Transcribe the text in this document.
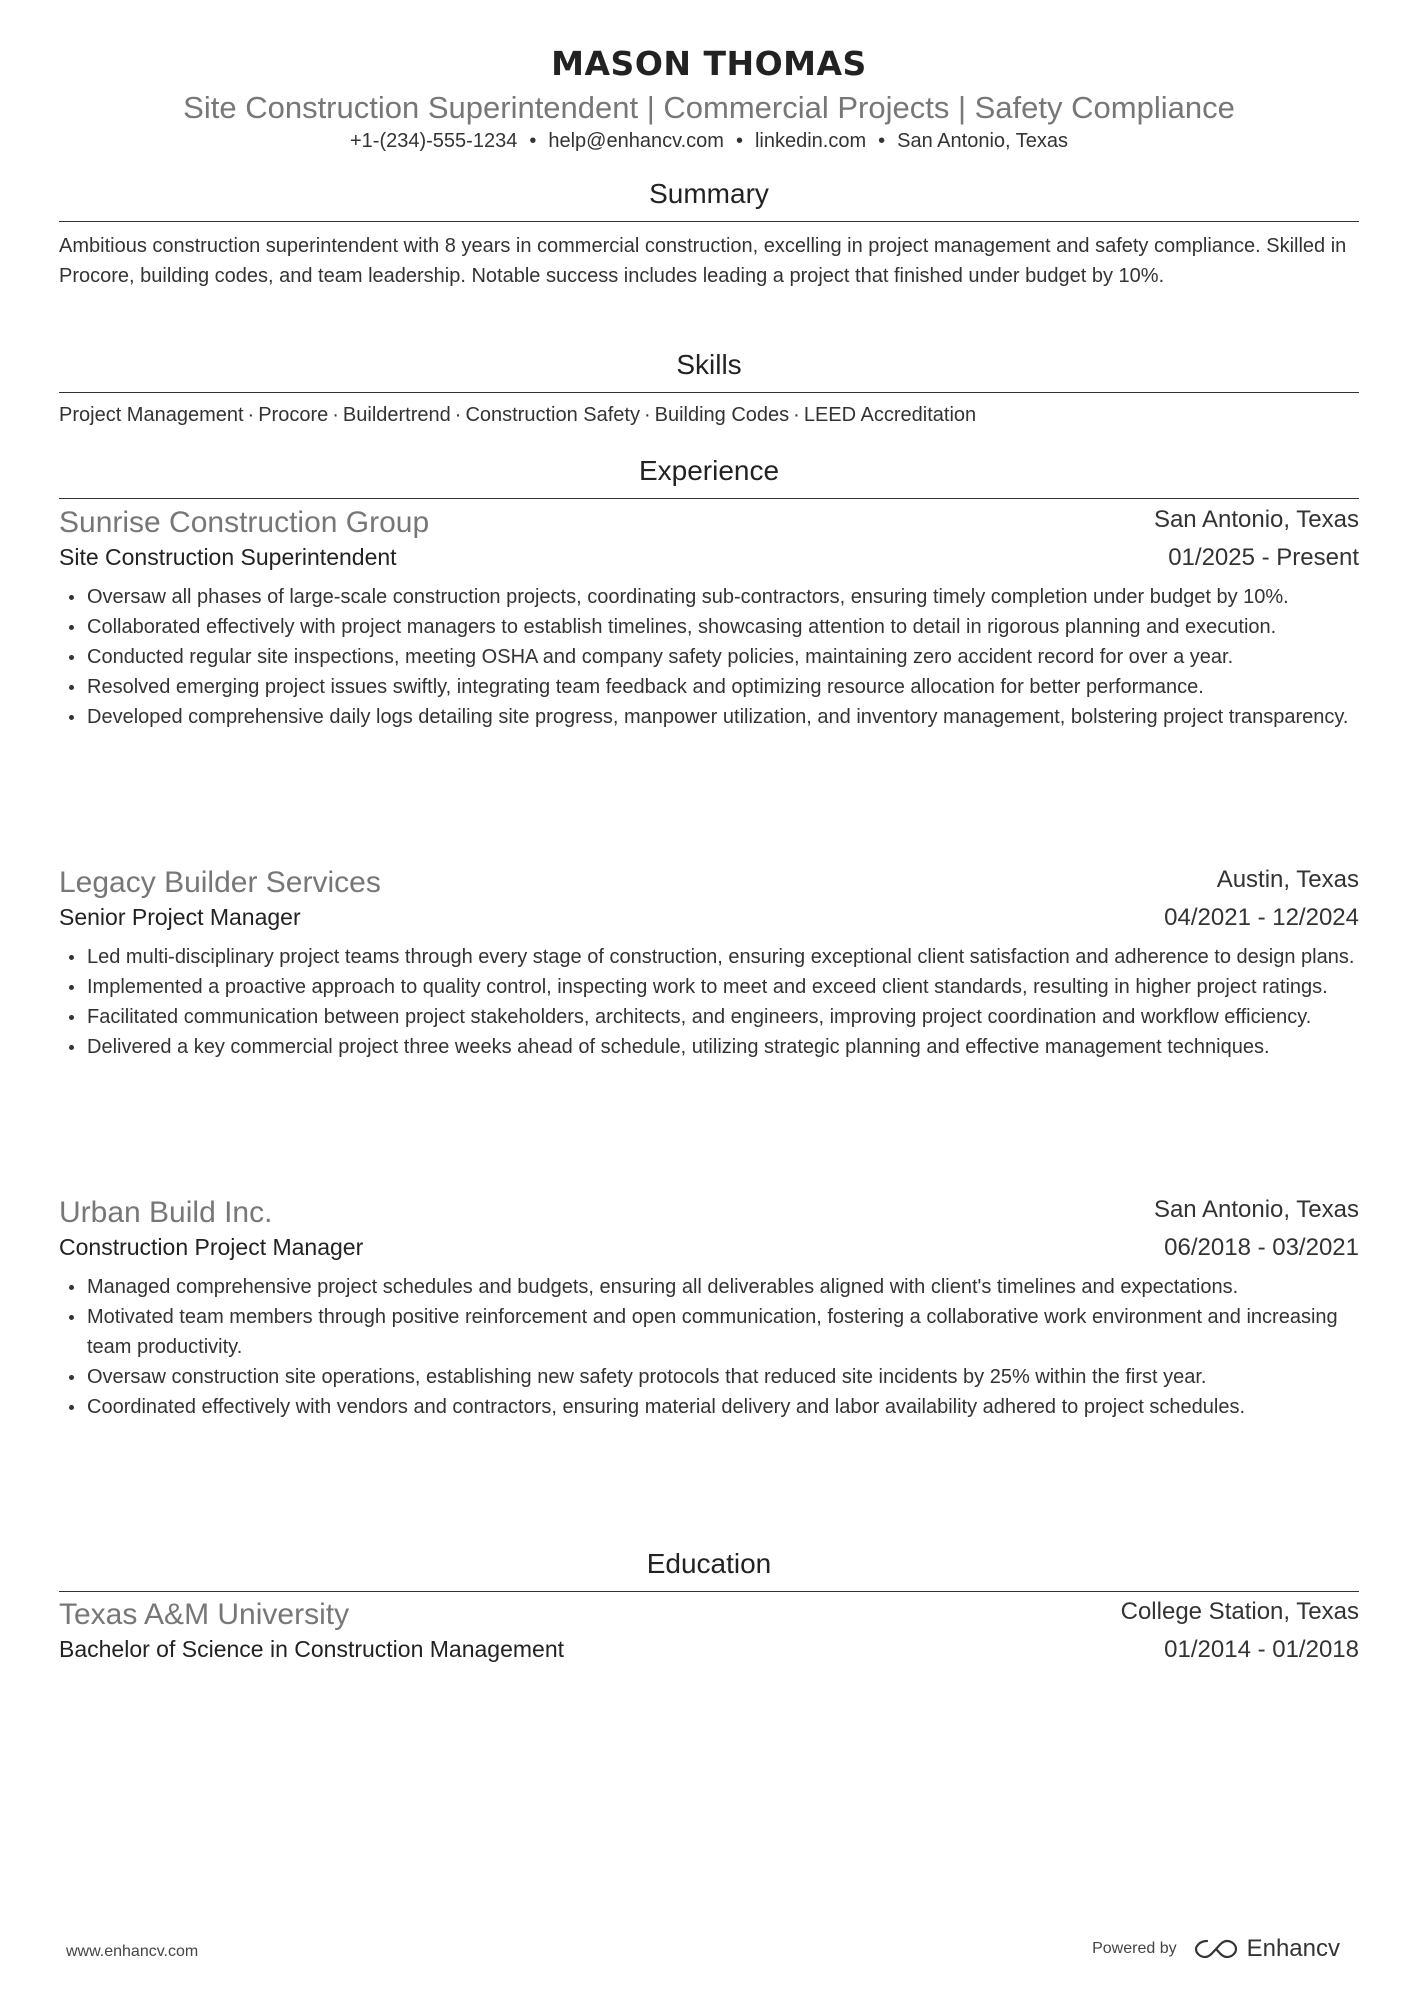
MASON THOMAS
Site Construction Superintendent | Commercial Projects | Safety Compliance
+1-(234)-555-1234 • help@enhancv.com • linkedin.com • San Antonio, Texas
Summary
Ambitious construction superintendent with 8 years in commercial construction, excelling in project management and safety compliance. Skilled in Procore, building codes, and team leadership. Notable success includes leading a project that finished under budget by 10%.
Skills
Project Management · Procore · Buildertrend · Construction Safety · Building Codes · LEED Accreditation
Experience
Sunrise Construction Group	San Antonio, Texas
Site Construction Superintendent	01/2025 - Present
Oversaw all phases of large-scale construction projects, coordinating sub-contractors, ensuring timely completion under budget by 10%.
Collaborated effectively with project managers to establish timelines, showcasing attention to detail in rigorous planning and execution.
Conducted regular site inspections, meeting OSHA and company safety policies, maintaining zero accident record for over a year.
Resolved emerging project issues swiftly, integrating team feedback and optimizing resource allocation for better performance.
Developed comprehensive daily logs detailing site progress, manpower utilization, and inventory management, bolstering project transparency.
Legacy Builder Services	Austin, Texas
Senior Project Manager	04/2021 - 12/2024
Led multi-disciplinary project teams through every stage of construction, ensuring exceptional client satisfaction and adherence to design plans.
Implemented a proactive approach to quality control, inspecting work to meet and exceed client standards, resulting in higher project ratings.
Facilitated communication between project stakeholders, architects, and engineers, improving project coordination and workflow efficiency.
Delivered a key commercial project three weeks ahead of schedule, utilizing strategic planning and effective management techniques.
Urban Build Inc.	San Antonio, Texas
Construction Project Manager	06/2018 - 03/2021
Managed comprehensive project schedules and budgets, ensuring all deliverables aligned with client's timelines and expectations.
Motivated team members through positive reinforcement and open communication, fostering a collaborative work environment and increasing team productivity.
Oversaw construction site operations, establishing new safety protocols that reduced site incidents by 25% within the first year.
Coordinated effectively with vendors and contractors, ensuring material delivery and labor availability adhered to project schedules.
Education
Texas A&M University	College Station, Texas
Bachelor of Science in Construction Management	01/2014 - 01/2018
www.enhancv.com	Powered by	Enhancv
